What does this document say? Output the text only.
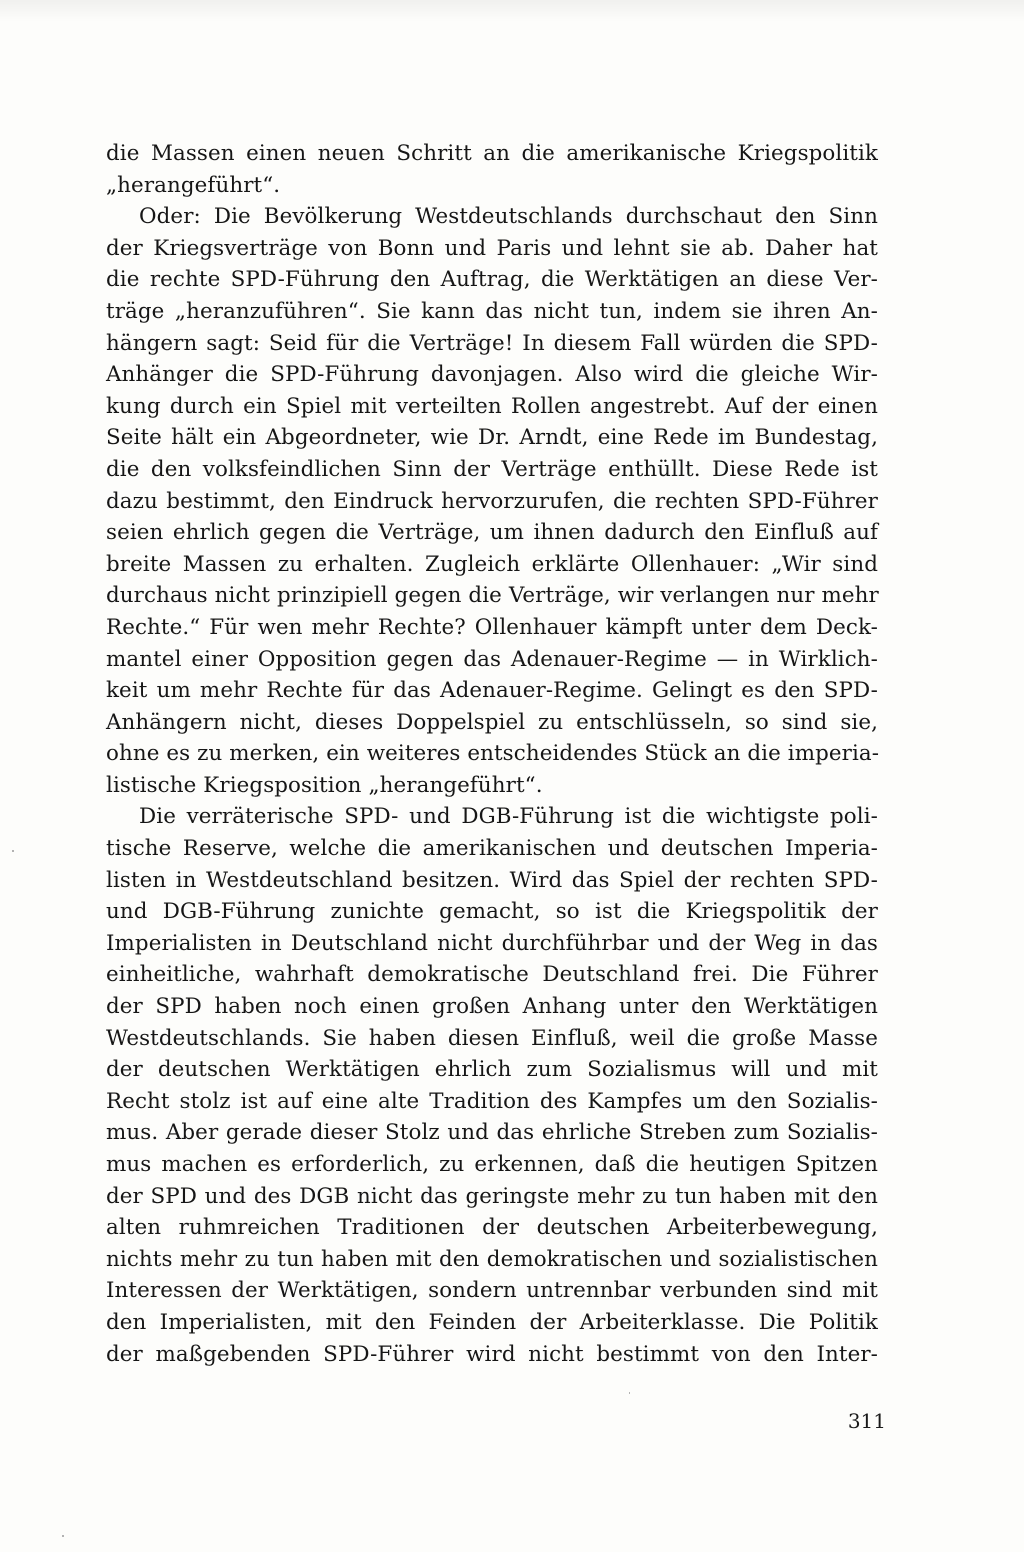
die Massen einen neuen Schritt an die amerikanische Kriegspolitik
„herangeführt“.
Oder: Die Bevölkerung Westdeutschlands durchschaut den Sinn
der Kriegsverträge von Bonn und Paris und lehnt sie ab. Daher hat
die rechte SPD-Führung den Auftrag, die Werktätigen an diese Ver-
träge „heranzuführen“. Sie kann das nicht tun, indem sie ihren An-
hängern sagt: Seid für die Verträge! In diesem Fall würden die SPD-
Anhänger die SPD-Führung davonjagen. Also wird die gleiche Wir-
kung durch ein Spiel mit verteilten Rollen angestrebt. Auf der einen
Seite hält ein Abgeordneter, wie Dr. Arndt, eine Rede im Bundestag,
die den volksfeindlichen Sinn der Verträge enthüllt. Diese Rede ist
dazu bestimmt, den Eindruck hervorzurufen, die rechten SPD-Führer
seien ehrlich gegen die Verträge, um ihnen dadurch den Einfluß auf
breite Massen zu erhalten. Zugleich erklärte Ollenhauer: „Wir sind
durchaus nicht prinzipiell gegen die Verträge, wir verlangen nur mehr
Rechte.“ Für wen mehr Rechte? Ollenhauer kämpft unter dem Deck-
mantel einer Opposition gegen das Adenauer-Regime — in Wirklich-
keit um mehr Rechte für das Adenauer-Regime. Gelingt es den SPD-
Anhängern nicht, dieses Doppelspiel zu entschlüsseln, so sind sie,
ohne es zu merken, ein weiteres entscheidendes Stück an die imperia-
listische Kriegsposition „herangeführt“.
Die verräterische SPD- und DGB-Führung ist die wichtigste poli-
tische Reserve, welche die amerikanischen und deutschen Imperia-
listen in Westdeutschland besitzen. Wird das Spiel der rechten SPD-
und DGB-Führung zunichte gemacht, so ist die Kriegspolitik der
Imperialisten in Deutschland nicht durchführbar und der Weg in das
einheitliche, wahrhaft demokratische Deutschland frei. Die Führer
der SPD haben noch einen großen Anhang unter den Werktätigen
Westdeutschlands. Sie haben diesen Einfluß, weil die große Masse
der deutschen Werktätigen ehrlich zum Sozialismus will und mit
Recht stolz ist auf eine alte Tradition des Kampfes um den Sozialis-
mus. Aber gerade dieser Stolz und das ehrliche Streben zum Sozialis-
mus machen es erforderlich, zu erkennen, daß die heutigen Spitzen
der SPD und des DGB nicht das geringste mehr zu tun haben mit den
alten ruhmreichen Traditionen der deutschen Arbeiterbewegung,
nichts mehr zu tun haben mit den demokratischen und sozialistischen
Interessen der Werktätigen, sondern untrennbar verbunden sind mit
den Imperialisten, mit den Feinden der Arbeiterklasse. Die Politik
der maßgebenden SPD-Führer wird nicht bestimmt von den Inter-
311
